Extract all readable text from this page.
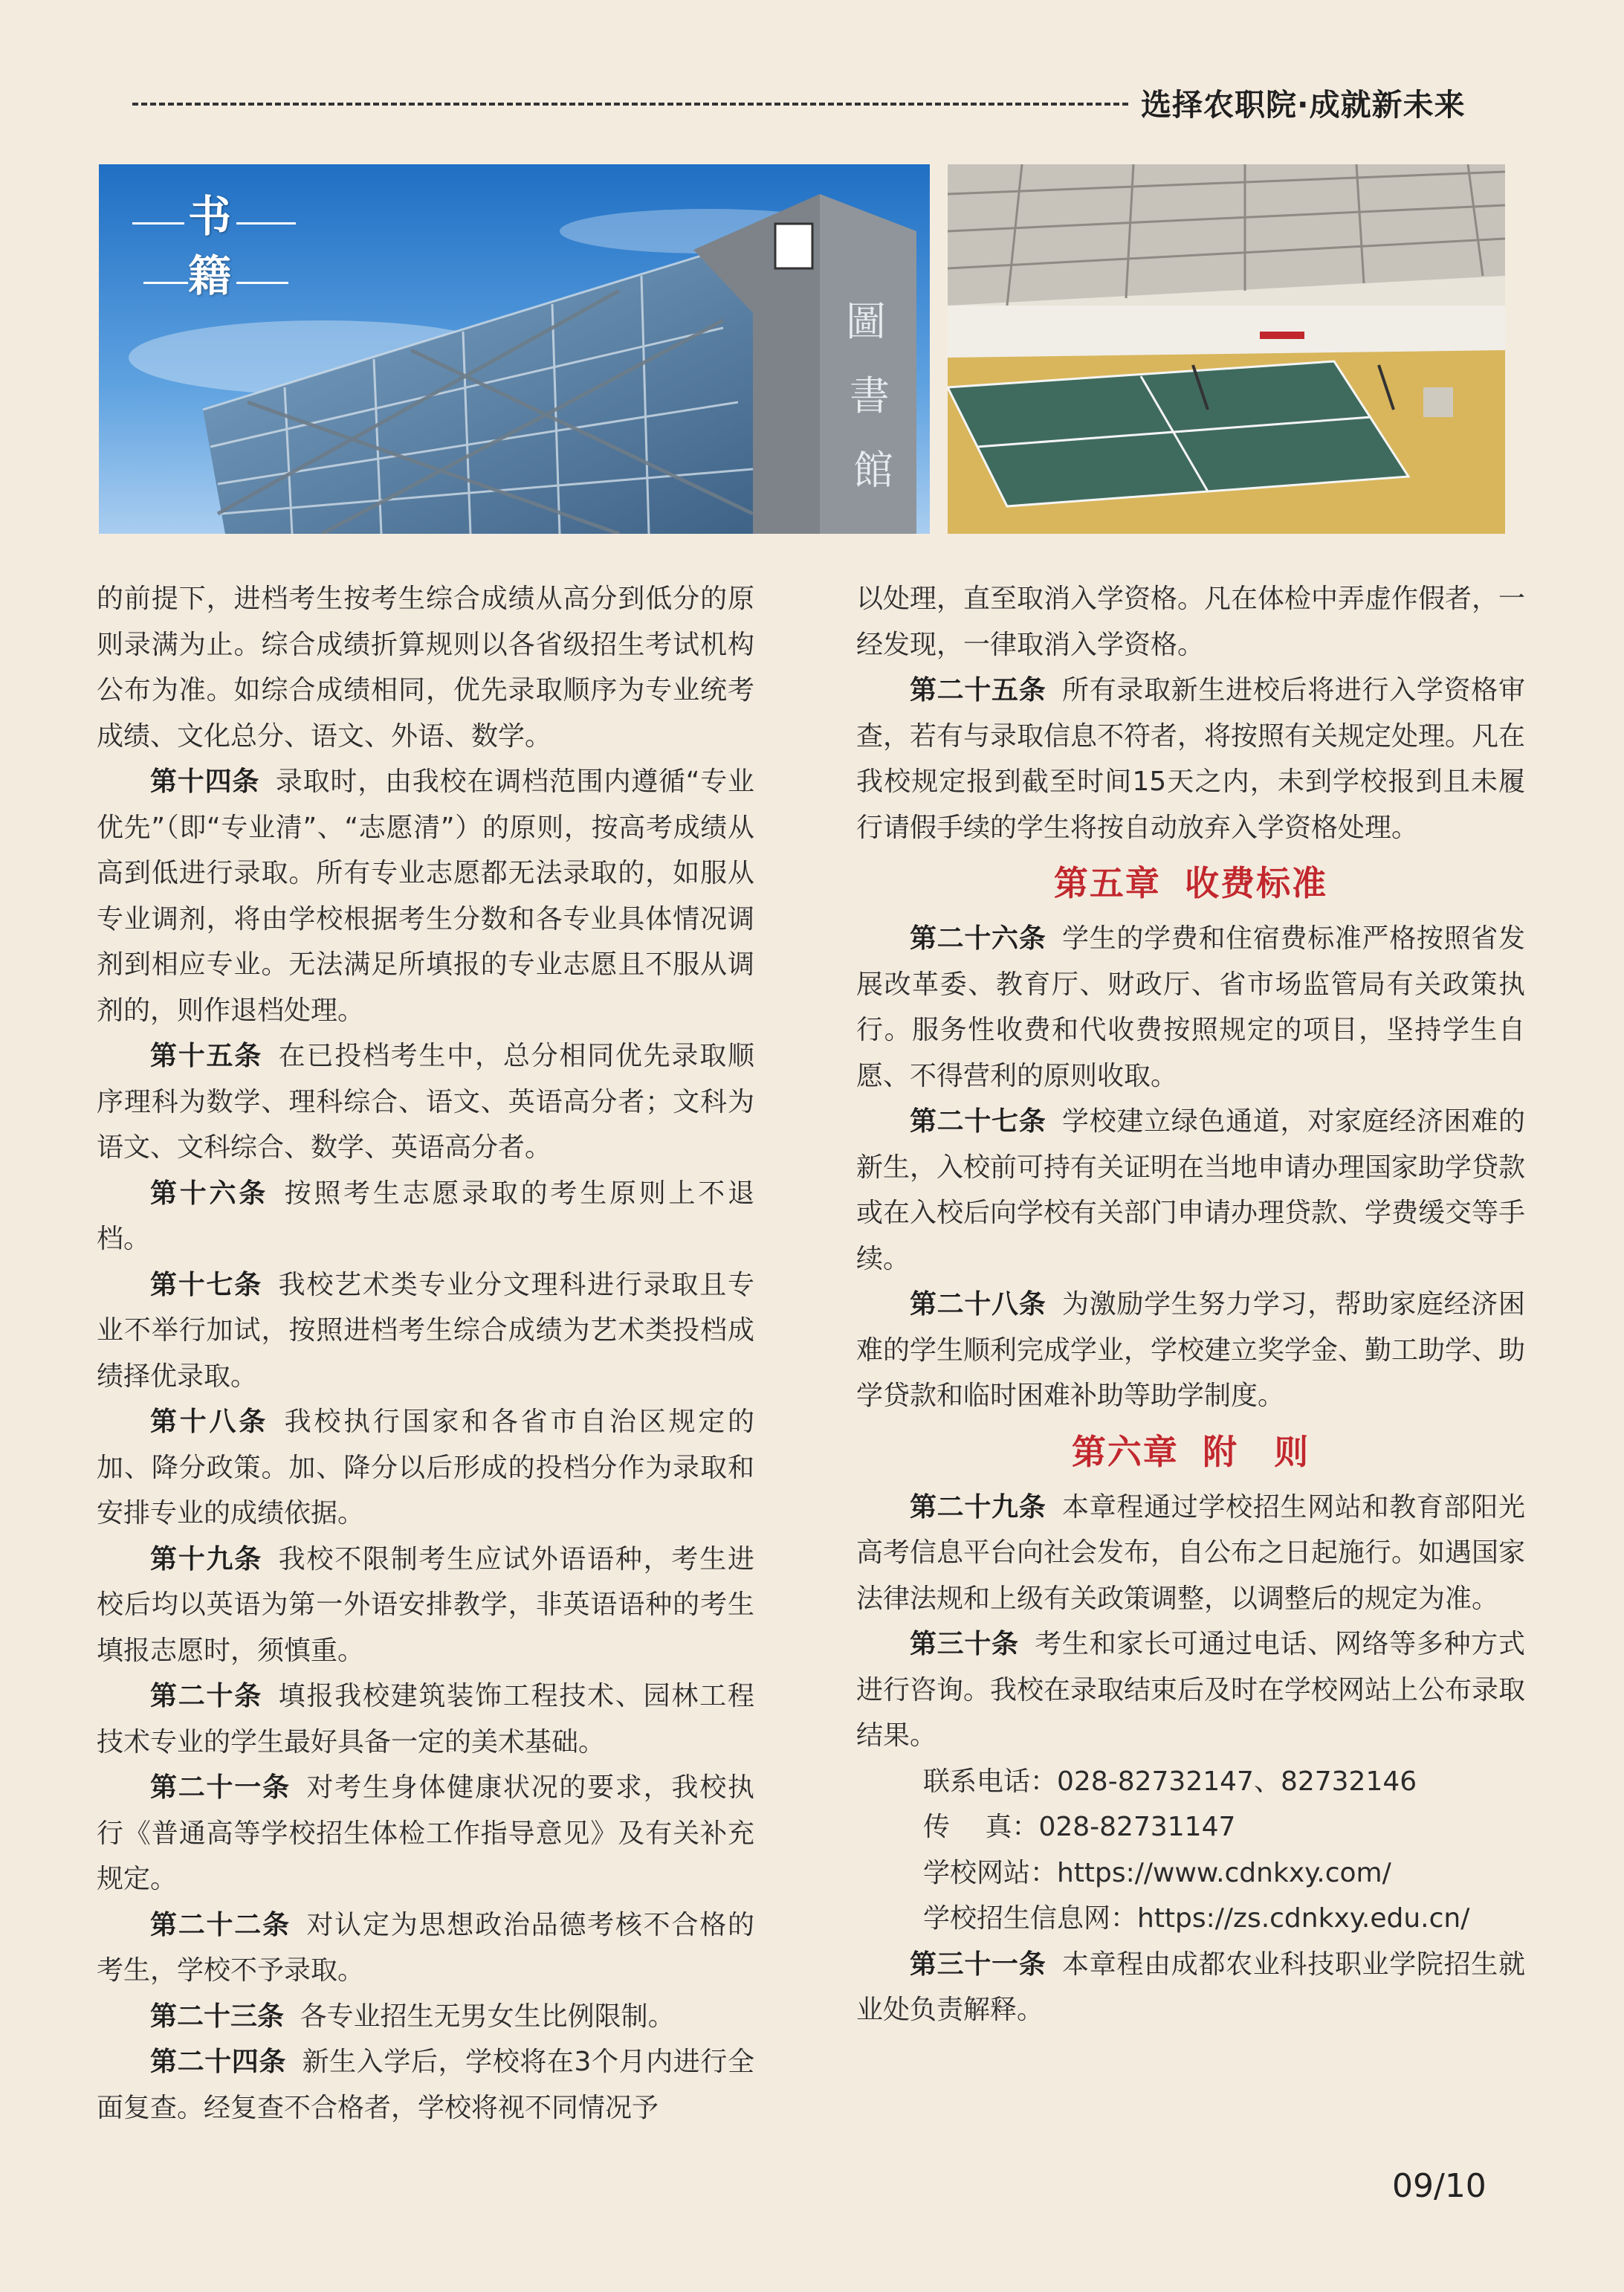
选择农职院·成就新未来
圖
書
館
书
籍

的前提下，进档考生按考生综合成绩从高分到低分的原则录满为止。综合成绩折算规则以各省级招生考试机构公布为准。如综合成绩相同，优先录取顺序为专业统考成绩、文化总分、语文、外语、数学。

第十四条 录取时，由我校在调档范围内遵循“专业优先”（即“专业清”、“志愿清”）的原则，按高考成绩从高到低进行录取。所有专业志愿都无法录取的，如服从专业调剂，将由学校根据考生分数和各专业具体情况调剂到相应专业。无法满足所填报的专业志愿且不服从调剂的，则作退档处理。

第十五条 在已投档考生中，总分相同优先录取顺序理科为数学、理科综合、语文、英语高分者；文科为语文、文科综合、数学、英语高分者。

第十六条 按照考生志愿录取的考生原则上不退档。

第十七条 我校艺术类专业分文理科进行录取且专业不举行加试，按照进档考生综合成绩为艺术类投档成绩择优录取。

第十八条 我校执行国家和各省市自治区规定的加、降分政策。加、降分以后形成的投档分作为录取和安排专业的成绩依据。

第十九条 我校不限制考生应试外语语种，考生进校后均以英语为第一外语安排教学，非英语语种的考生填报志愿时，须慎重。

第二十条 填报我校建筑装饰工程技术、园林工程技术专业的学生最好具备一定的美术基础。

第二十一条 对考生身体健康状况的要求，我校执行《普通高等学校招生体检工作指导意见》及有关补充规定。

第二十二条 对认定为思想政治品德考核不合格的考生，学校不予录取。

第二十三条 各专业招生无男女生比例限制。

第二十四条 新生入学后，学校将在3个月内进行全面复查。经复查不合格者，学校将视不同情况予

以处理，直至取消入学资格。凡在体检中弄虚作假者，一经发现，一律取消入学资格。

第二十五条 所有录取新生进校后将进行入学资格审查，若有与录取信息不符者，将按照有关规定处理。凡在我校规定报到截至时间15天之内，未到学校报到且未履行请假手续的学生将按自动放弃入学资格处理。

第五章 收费标准

第二十六条 学生的学费和住宿费标准严格按照省发展改革委、教育厅、财政厅、省市场监管局有关政策执行。服务性收费和代收费按照规定的项目，坚持学生自愿、不得营利的原则收取。

第二十七条 学校建立绿色通道，对家庭经济困难的新生，入校前可持有关证明在当地申请办理国家助学贷款或在入校后向学校有关部门申请办理贷款、学费缓交等手续。

第二十八条 为激励学生努力学习，帮助家庭经济困难的学生顺利完成学业，学校建立奖学金、勤工助学、助学贷款和临时困难补助等助学制度。

第六章 附　则

第二十九条 本章程通过学校招生网站和教育部阳光高考信息平台向社会发布，自公布之日起施行。如遇国家法律法规和上级有关政策调整，以调整后的规定为准。

第三十条 考生和家长可通过电话、网络等多种方式进行咨询。我校在录取结束后及时在学校网站上公布录取结果。

联系电话：028-82732147、82732146

传　 真：028-82731147

学校网站：https://www.cdnkxy.com/

学校招生信息网：https://zs.cdnkxy.edu.cn/

第三十一条 本章程由成都农业科技职业学院招生就业处负责解释。

09/10
